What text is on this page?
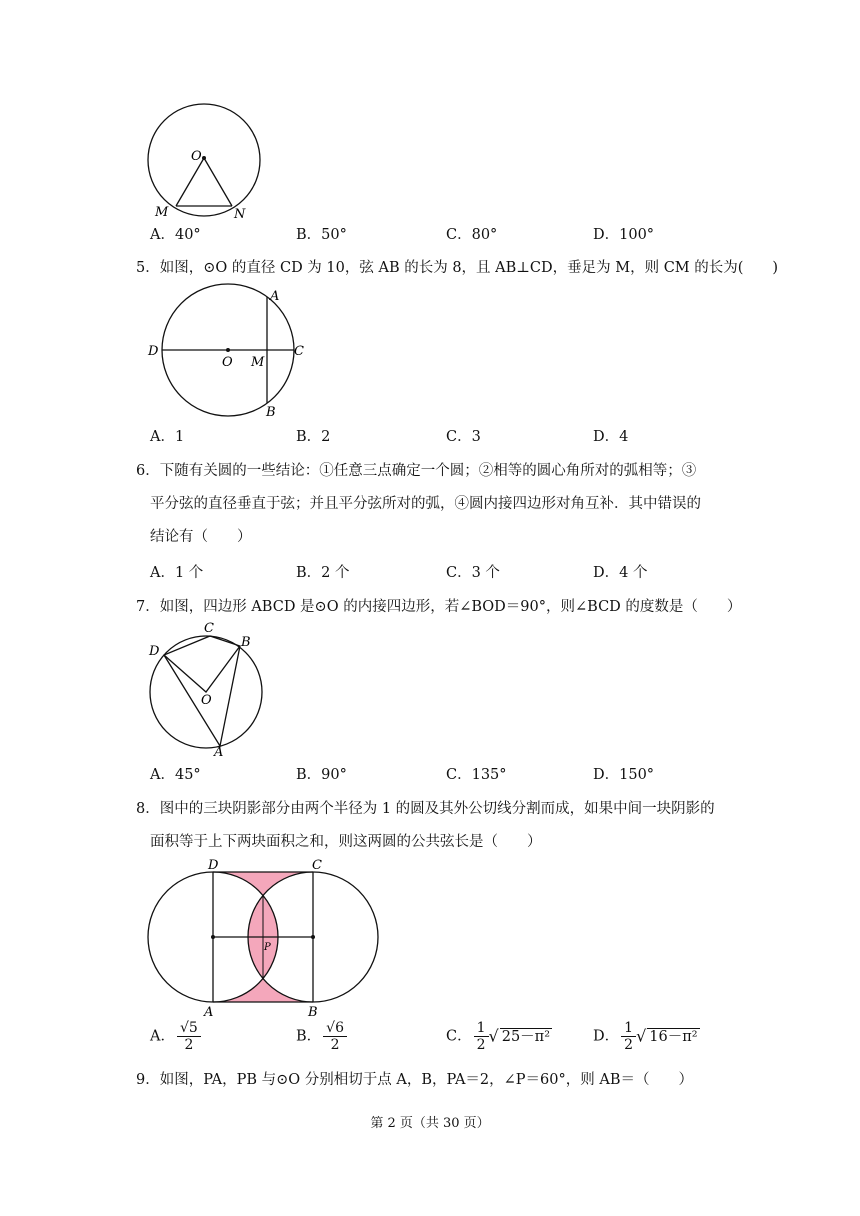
O
M	N
A．40°	B．50°	C．80°	D．100°
5．如图，⊙O 的直径 CD 为 10，弦 AB 的长为 8，且 AB⊥CD，垂足为 M，则 CM 的长为(　　)
A
B
C
D
O M
A．1	B．2	C．3	D．4
6．下随有关圆的一些结论：①任意三点确定一个圆；②相等的圆心角所对的弧相等；③
平分弦的直径垂直于弦；并且平分弦所对的弧，④圆内接四边形对角互补．其中错误的
结论有（　　）
A．1 个	B．2 个	C．3 个	D．4 个
7．如图，四边形 ABCD 是⊙O 的内接四边形，若∠BOD＝90°，则∠BCD 的度数是（　　）
A
B
C
D
O
A．45°	B．90°	C．135°	D．150°
8．图中的三块阴影部分由两个半径为 1 的圆及其外公切线分割而成，如果中间一块阴影的
面积等于上下两块面积之和，则这两圆的公共弦长是（　　）
D	C
A	B
P
A． $\frac{√5}{2}$	B． $\frac{√6}{2}$	C． $\frac{1}{2}$ √ 25－π²	D． $\frac{1}{2}$ √ 16－π²
9．如图，PA，PB 与⊙O 分别相切于点 A，B，PA＝2，∠P＝60°，则 AB＝（　　）
第 2 页（共 30 页）
